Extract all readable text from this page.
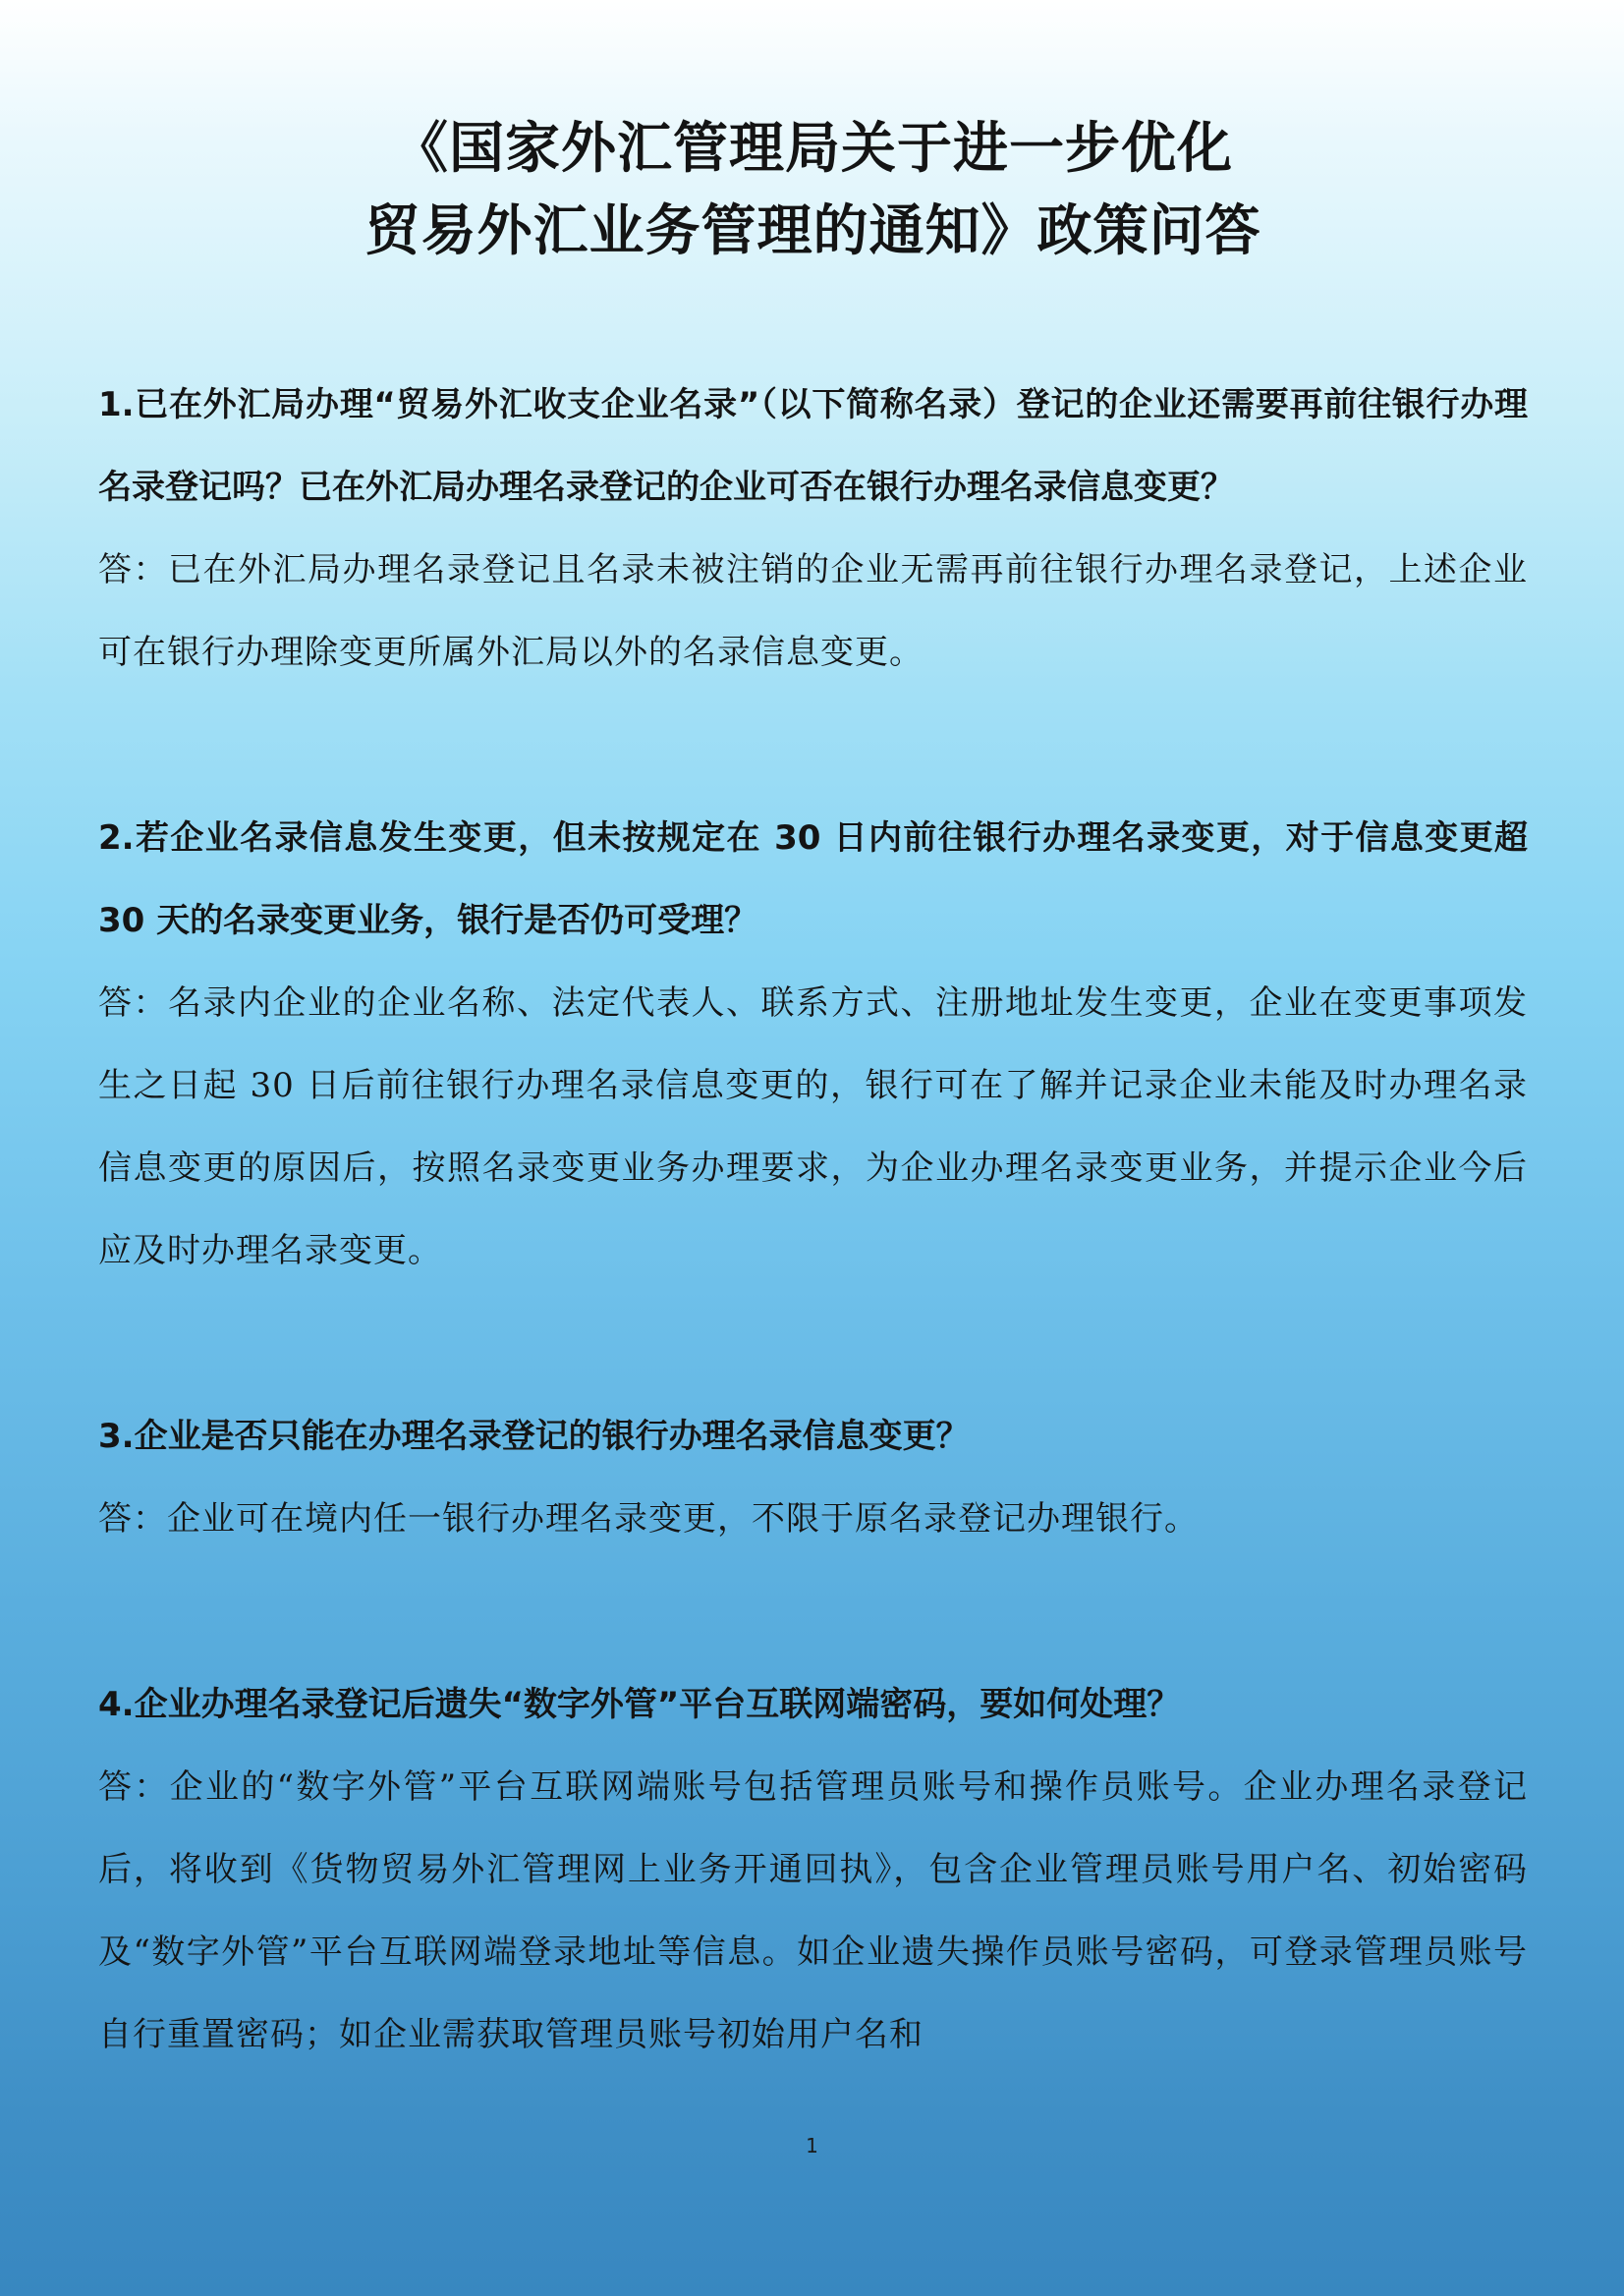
《国家外汇管理局关于进一步优化
贸易外汇业务管理的通知》政策问答

1.已在外汇局办理“贸易外汇收支企业名录”（以下简称名录）登记的企业还需要再前往银行办理名录登记吗？已在外汇局办理名录登记的企业可否在银行办理名录信息变更？

答：已在外汇局办理名录登记且名录未被注销的企业无需再前往银行办理名录登记，上述企业可在银行办理除变更所属外汇局以外的名录信息变更。

2.若企业名录信息发生变更，但未按规定在 30 日内前往银行办理名录变更，对于信息变更超 30 天的名录变更业务，银行是否仍可受理？

答：名录内企业的企业名称、法定代表人、联系方式、注册地址发生变更，企业在变更事项发生之日起 30 日后前往银行办理名录信息变更的，银行可在了解并记录企业未能及时办理名录信息变更的原因后，按照名录变更业务办理要求，为企业办理名录变更业务，并提示企业今后应及时办理名录变更。

3.企业是否只能在办理名录登记的银行办理名录信息变更？

答：企业可在境内任一银行办理名录变更，不限于原名录登记办理银行。

4.企业办理名录登记后遗失“数字外管”平台互联网端密码，要如何处理？

答：企业的“数字外管”平台互联网端账号包括管理员账号和操作员账号。企业办理名录登记后，将收到《货物贸易外汇管理网上业务开通回执》，包含企业管理员账号用户名、初始密码及“数字外管”平台互联网端登录地址等信息。如企业遗失操作员账号密码，可登录管理员账号自行重置密码；如企业需获取管理员账号初始用户名和

1
